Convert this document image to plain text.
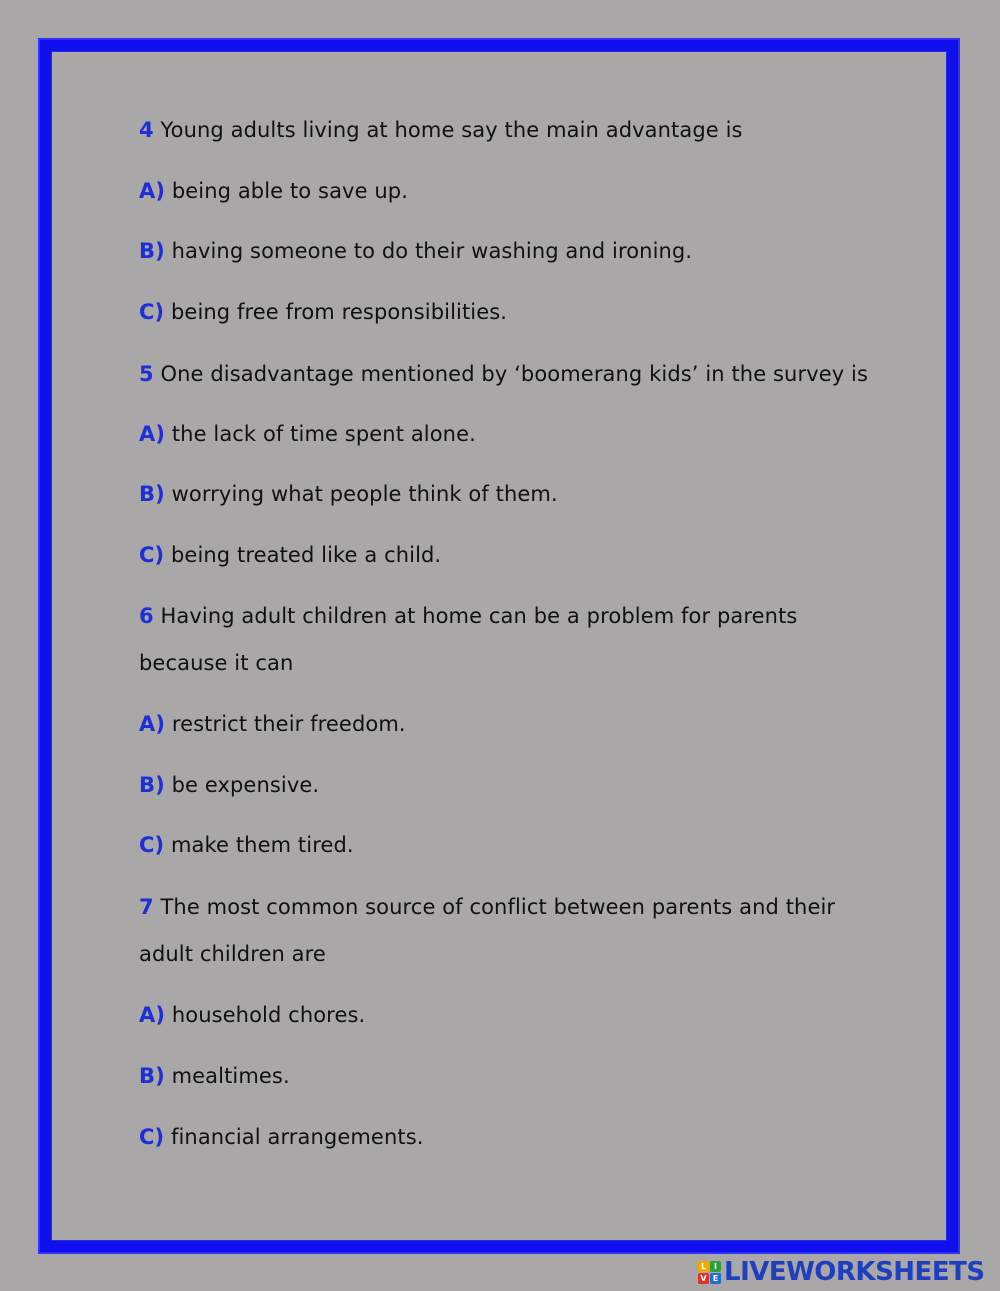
4 Young adults living at home say the main advantage is
A) being able to save up.
B) having someone to do their washing and ironing.
C) being free from responsibilities.
5 One disadvantage mentioned by ‘boomerang kids’ in the survey is
A) the lack of time spent alone.
B) worrying what people think of them.
C) being treated like a child.
6 Having adult children at home can be a problem for parents
because it can
A) restrict their freedom.
B) be expensive.
C) make them tired.
7 The most common source of conflict between parents and their
adult children are
A) household chores.
B) mealtimes.
C) financial arrangements.
L I
V E LIVEWORKSHEETS
